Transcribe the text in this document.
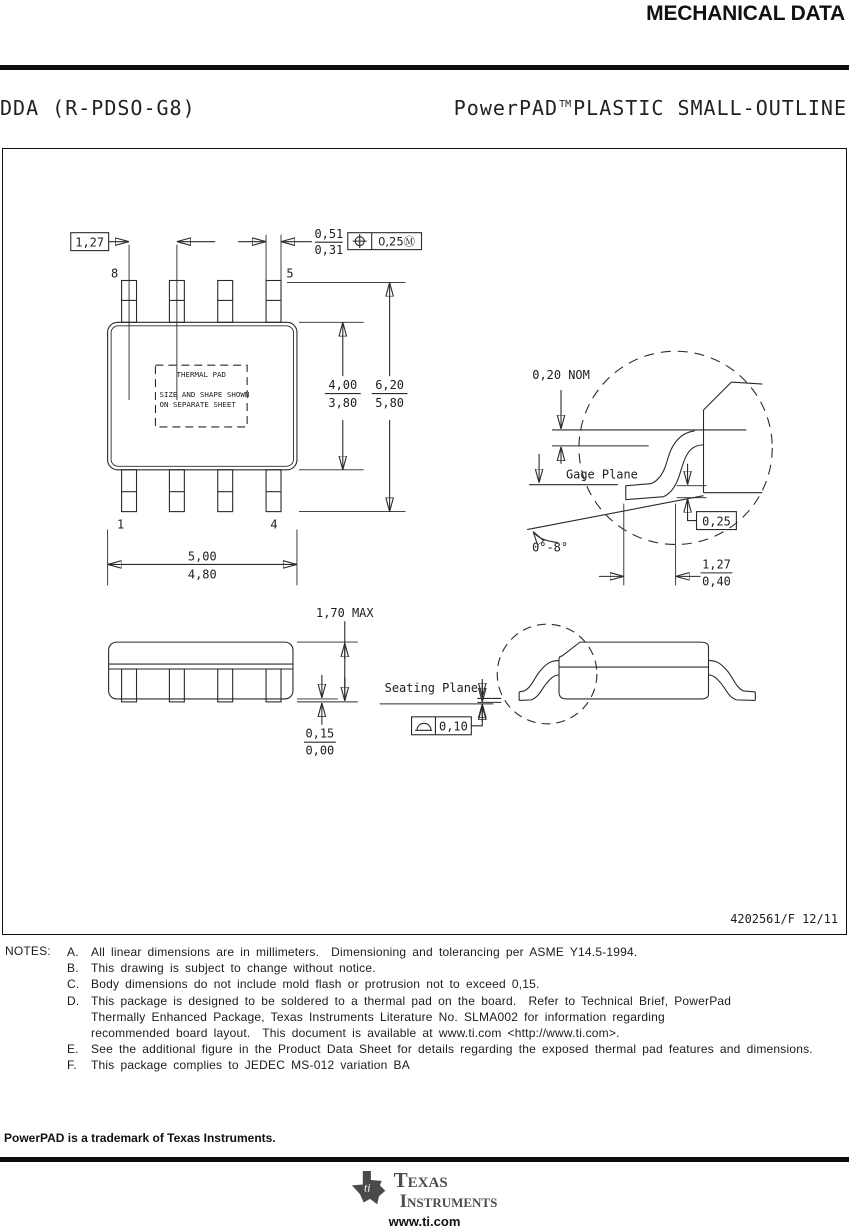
MECHANICAL DATA
DDA (R-PDSO-G8)	PowerPAD™ PLASTIC SMALL-OUTLINE
1,27
0,51
0,31
0,25Ⓜ
8	5
1	4
THERMAL PAD
SIZE AND SHAPE SHOWN
ON SEPARATE SHEET
4,00
3,80
6,20
5,80
5,00
4,80
0,20 NOM
Gage Plane
0°-8°
0,25
1,27
0,40
1,70 MAX
0,15
0,00
Seating Plane
0,10
4202561/F 12/11
NOTES: A.	All linear dimensions are in millimeters.  Dimensioning and tolerancing per ASME Y14.5-1994.
B.	This drawing is subject to change without notice.
C. Body dimensions do not include mold flash or protrusion not to exceed 0,15.
D. This package is designed to be soldered to a thermal pad on the board.  Refer to Technical Brief, PowerPad
Thermally Enhanced Package, Texas Instruments Literature No. SLMA002 for information regarding
recommended board layout.  This document is available at www.ti.com <http://www.ti.com>.
E.	See the additional figure in the Product Data Sheet for details regarding the exposed thermal pad features and dimensions.
F.	This package complies to JEDEC MS-012 variation BA
PowerPAD is a trademark of Texas Instruments.
ti Texas
Instruments
www.ti.com
